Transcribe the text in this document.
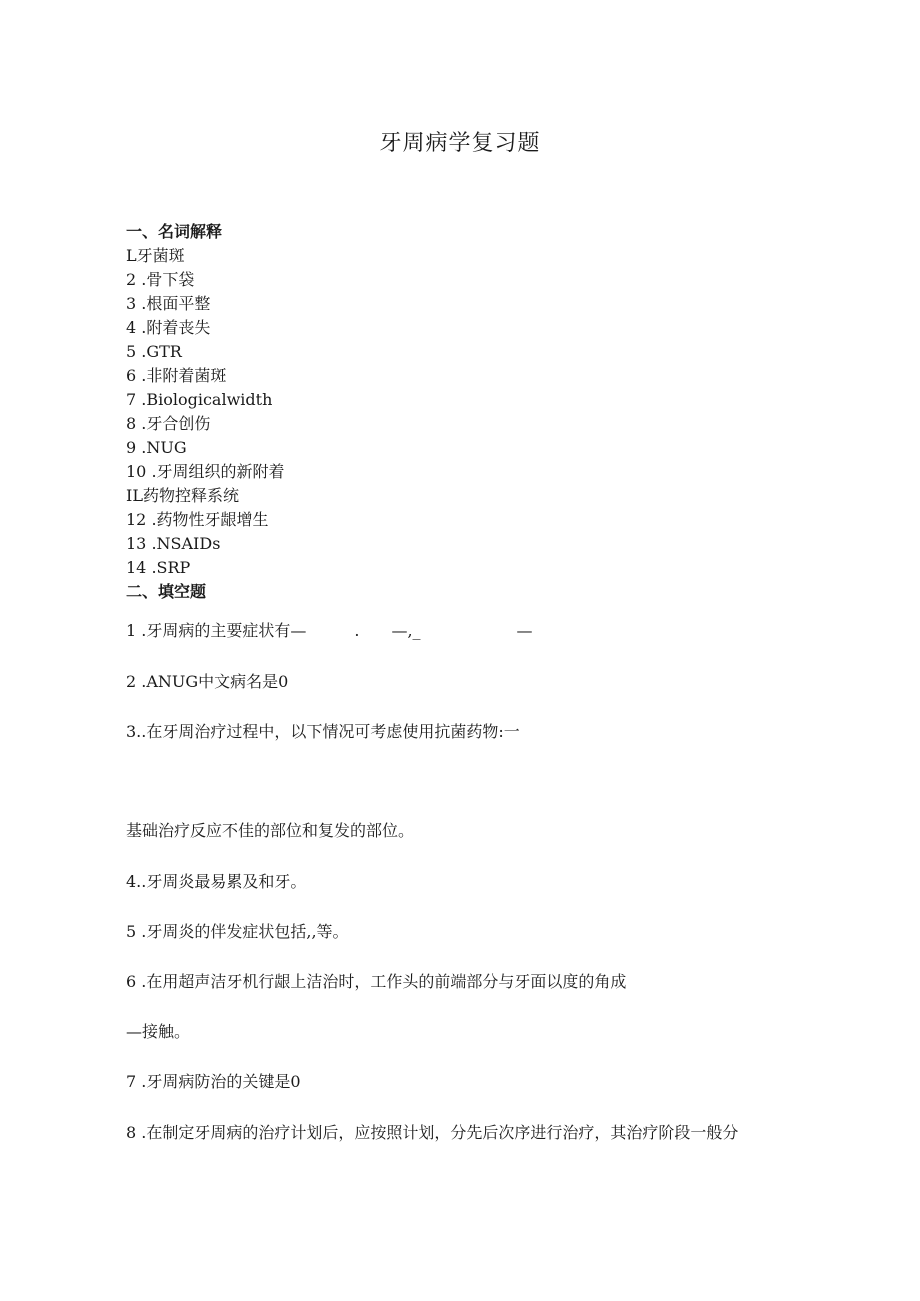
牙周病学复习题
一、名词解释
L牙菌斑
2 .骨下袋
3 .根面平整
4 .附着丧失
5 .GTR
6 .非附着菌斑
7 .Biologicalwidth
8 .牙合创伤
9 .NUG
10 .牙周组织的新附着
IL药物控释系统
12 .药物性牙龈增生
13 .NSAIDs
14 .SRP
二、填空题
1 .牙周病的主要症状有—　　　.　　—,_　　　　　　—
2 .ANUG中文病名是0
3..在牙周治疗过程中，以下情况可考虑使用抗菌药物:一
基础治疗反应不佳的部位和复发的部位。
4..牙周炎最易累及和牙。
5 .牙周炎的伴发症状包括,,等。
6 .在用超声洁牙机行龈上洁治时，工作头的前端部分与牙面以度的角成
—接触。
7 .牙周病防治的关键是0
8 .在制定牙周病的治疗计划后，应按照计划，分先后次序进行治疗，其治疗阶段一般分
